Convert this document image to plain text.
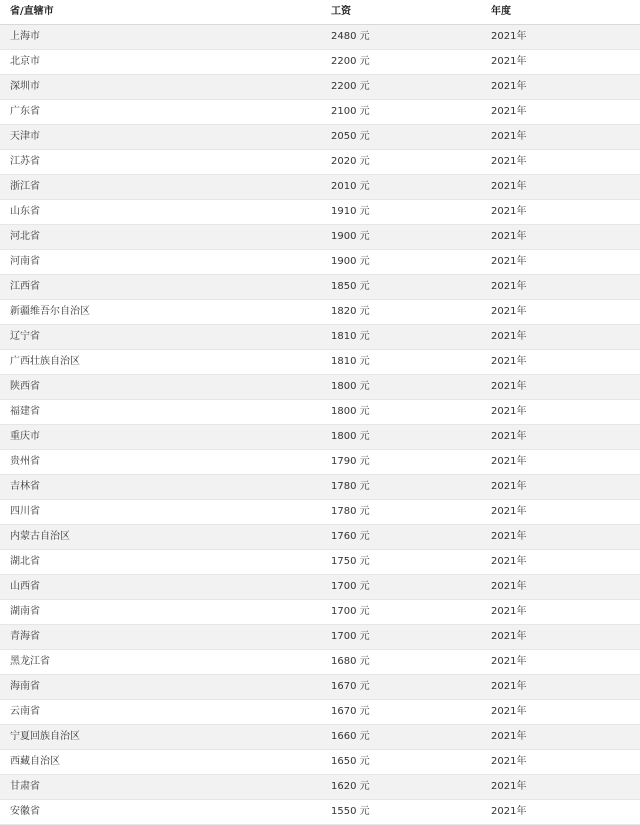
省/直辖市	工资	年度
上海市	2480 元	2021年
北京市	2200 元	2021年
深圳市	2200 元	2021年
广东省	2100 元	2021年
天津市	2050 元	2021年
江苏省	2020 元	2021年
浙江省	2010 元	2021年
山东省	1910 元	2021年
河北省	1900 元	2021年
河南省	1900 元	2021年
江西省	1850 元	2021年
新疆维吾尔自治区	1820 元	2021年
辽宁省	1810 元	2021年
广西壮族自治区	1810 元	2021年
陕西省	1800 元	2021年
福建省	1800 元	2021年
重庆市	1800 元	2021年
贵州省	1790 元	2021年
吉林省	1780 元	2021年
四川省	1780 元	2021年
内蒙古自治区	1760 元	2021年
湖北省	1750 元	2021年
山西省	1700 元	2021年
湖南省	1700 元	2021年
青海省	1700 元	2021年
黑龙江省	1680 元	2021年
海南省	1670 元	2021年
云南省	1670 元	2021年
宁夏回族自治区	1660 元	2021年
西藏自治区	1650 元	2021年
甘肃省	1620 元	2021年
安徽省	1550 元	2021年
